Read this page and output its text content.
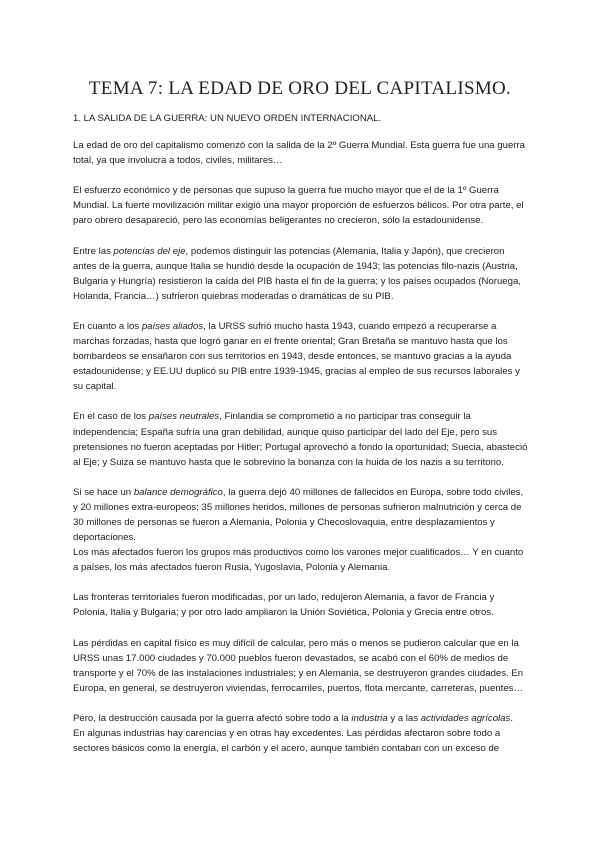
TEMA 7: LA EDAD DE ORO DEL CAPITALISMO.

1. LA SALIDA DE LA GUERRA: UN NUEVO ORDEN INTERNACIONAL.

La edad de oro del capitalismo comenzó con la salida de la 2º Guerra Mundial. Esta guerra fue una guerra total, ya que involucra a todos, civiles, militares…

El esfuerzo económico y de personas que supuso la guerra fue mucho mayor que el de la 1º Guerra Mundial. La fuerte movilización militar exigió una mayor proporción de esfuerzos bélicos. Por otra parte, el paro obrero desapareció, pero las economías beligerantes no crecieron, sólo la estadounidense.

Entre las potencias del eje, podemos distinguir las potencias (Alemania, Italia y Japón), que crecieron antes de la guerra, aunque Italia se hundió desde la ocupación de 1943; las potencias filo-nazis (Austria, Bulgaria y Hungría) resistieron la caída del PIB hasta el fin de la guerra; y los países ocupados (Noruega, Holanda, Francia…) sufrieron quiebras moderadas o dramáticas de su PIB.

En cuanto a los países aliados, la URSS sufrió mucho hasta 1943, cuando empezó a recuperarse a marchas forzadas, hasta que logró ganar en el frente oriental; Gran Bretaña se mantuvo hasta que los bombardeos se ensañaron con sus territorios en 1943, desde entonces, se mantuvo gracias a la ayuda estadounidense; y EE.UU duplicó su PIB entre 1939-1945, gracias al empleo de sus recursos laborales y su capital.

En el caso de los países neutrales, Finlandia se comprometió a no participar tras conseguir la independencia; España sufría una gran debilidad, aunque quiso participar del lado del Eje, pero sus pretensiones no fueron aceptadas por Hitler; Portugal aprovechó a fondo la oportunidad; Suecia, abasteció al Eje; y Suiza se mantuvo hasta que le sobrevino la bonanza con la huida de los nazis a su territorio.

Si se hace un balance demográfico, la guerra dejó 40 millones de fallecidos en Europa, sobre todo civiles, y 20 millones extra-europeos; 35 millones heridos, millones de personas sufrieron malnutrición y cerca de 30 millones de personas se fueron a Alemania, Polonia y Checoslovaquia, entre desplazamientos y deportaciones.

Los más afectados fueron los grupos más productivos como los varones mejor cualificados… Y en cuanto a países, los más afectados fueron Rusia, Yugoslavia, Polonia y Alemania.

Las fronteras territoriales fueron modificadas, por un lado, redujeron Alemania, a favor de Francia y Polonia, Italia y Bulgaria; y por otro lado ampliaron la Unión Soviética, Polonia y Grecia entre otros.

Las pérdidas en capital físico es muy difícil de calcular, pero más o menos se pudieron calcular que en la URSS unas 17.000 ciudades y 70.000 pueblos fueron devastados, se acabó con el 60% de medios de transporte y el 70% de las instalaciones industriales; y en Alemania, se destruyeron grandes ciudades. En Europa, en general, se destruyeron viviendas, ferrocarriles, puertos, flota mercante, carreteras, puentes…

Pero, la destrucción causada por la guerra afectó sobre todo a la industria y a las actividades agrícolas.

En algunas industrias hay carencias y en otras hay excedentes. Las pérdidas afectaron sobre todo a sectores básicos como la energía, el carbón y el acero, aunque también contaban con un exceso de
